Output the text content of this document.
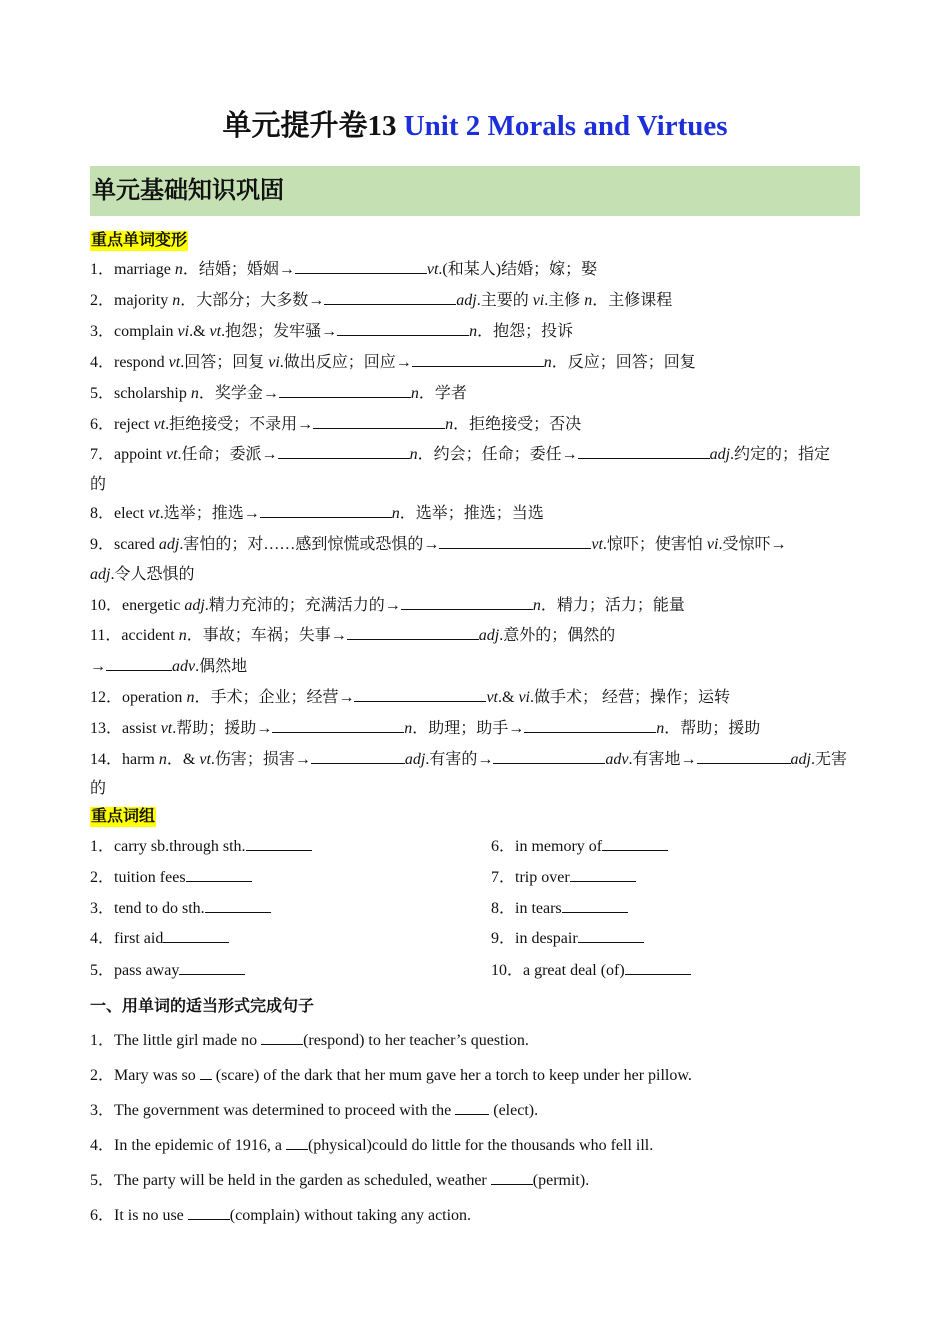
单元提升卷13 Unit 2 Morals and Virtues
单元基础知识巩固
重点单词变形
1．marriage n．结婚；婚姻→	vt.(和某人)结婚；嫁；娶
2．majority n．大部分；大多数→	adj.主要的 vi.主修 n．主修课程
3．complain vi.& vt.抱怨；发牢骚→	n．抱怨；投诉
4．respond vt.回答；回复 vi.做出反应；回应→	n．反应；回答；回复
5．scholarship n．奖学金→	n．学者
6．reject vt.拒绝接受；不录用→	n．拒绝接受；否决
7．appoint vt.任命；委派→	n．约会；任命；委任→	adj.约定的；指定
的
8．elect vt.选举；推选→	n．选举；推选；当选
9．scared adj.害怕的；对……感到惊慌或恐惧的→	vt.惊吓；使害怕 vi.受惊吓→
adj.令人恐惧的
10．energetic adj.精力充沛的；充满活力的→	n．精力；活力；能量
11．accident n．事故；车祸；失事→	adj.意外的；偶然的
→	adv.偶然地
12．operation n．手术；企业；经营→	vt.& vi.做手术； 经营；操作；运转
13．assist vt.帮助；援助→	n．助理；助手→	n．帮助；援助
14．harm n．& vt.伤害；损害→	adj.有害的→	adv.有害地→	adj.无害
的
重点词组
1．carry sb.through sth.
2．tuition fees
3．tend to do sth.
4．first aid
5．pass away
6．in memory of
7．trip over
8．in tears
9．in despair
10．a great deal (of)
一、用单词的适当形式完成句子
1．The little girl made no	(respond) to her teacher’s question.
2．Mary was so  (scare) of the dark that her mum gave her a torch to keep under her pillow.
3．The government was determined to proceed with the  (elect).
4．In the epidemic of 1916, a (physical)could do little for the thousands who fell ill.
5．The party will be held in the garden as scheduled, weather	(permit).
6．It is no use	(complain) without taking any action.
